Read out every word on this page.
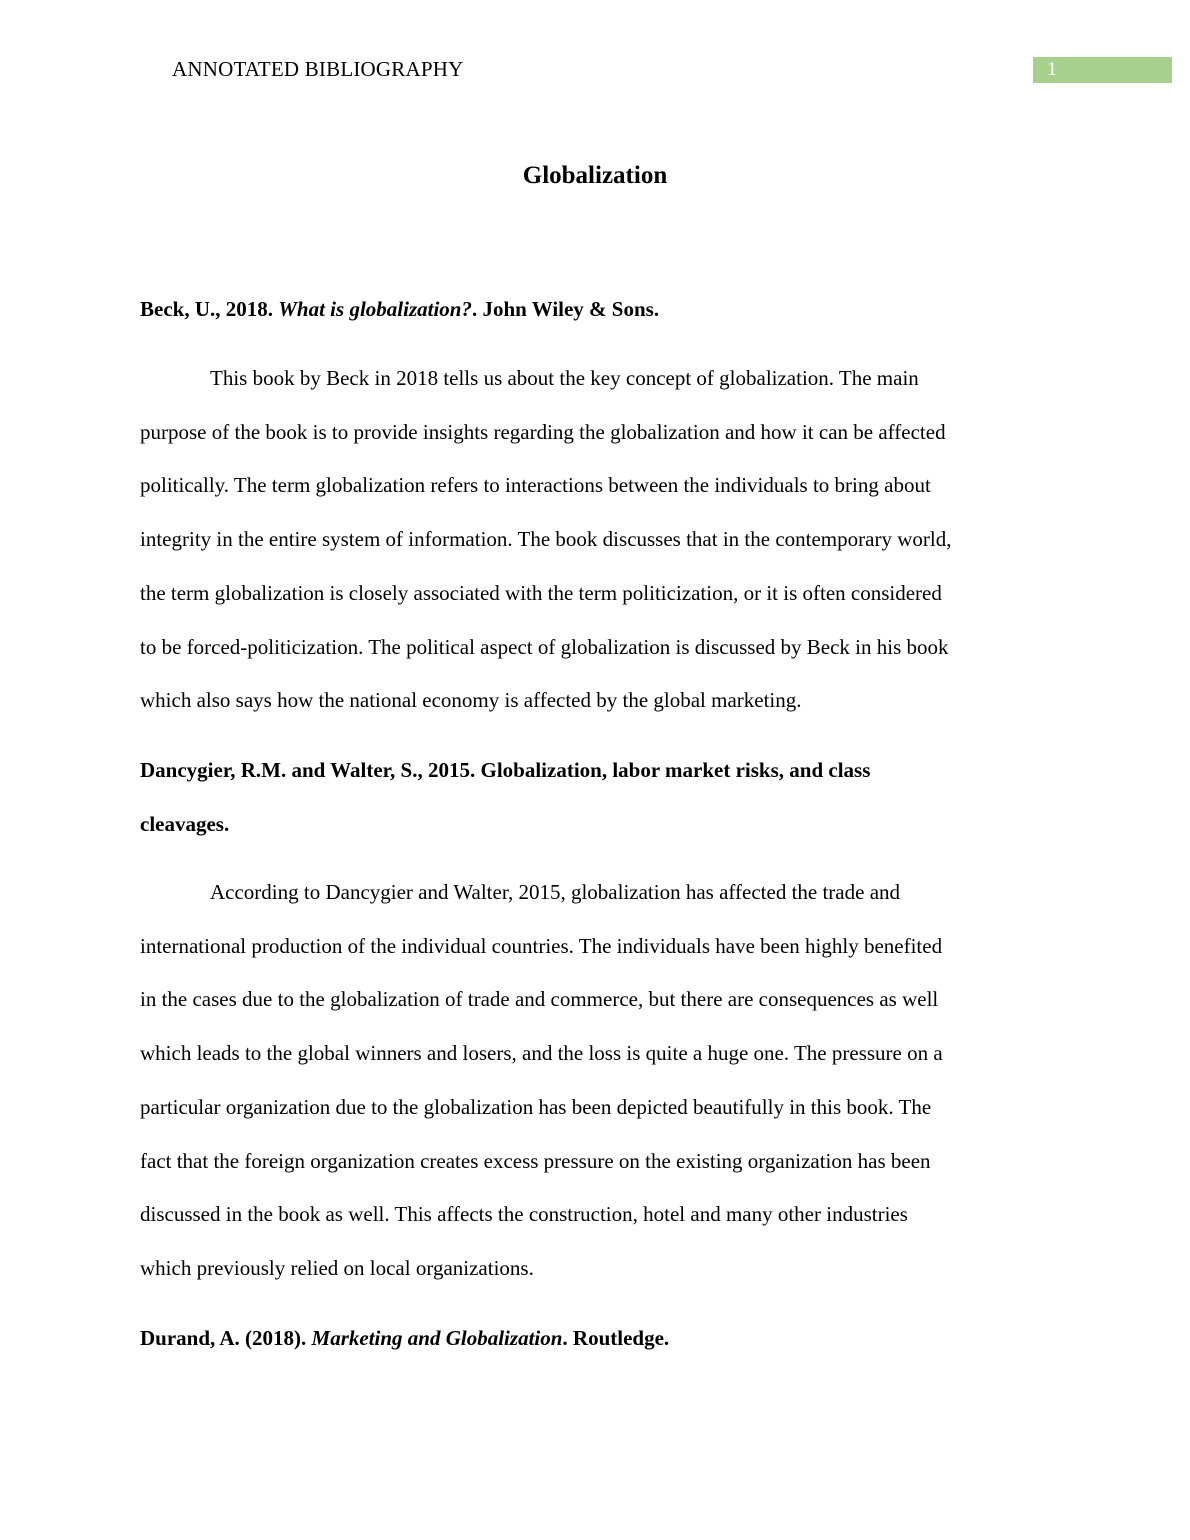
ANNOTATED BIBLIOGRAPHY	1
Globalization
Beck, U., 2018. What is globalization?. John Wiley & Sons.
This book by Beck in 2018 tells us about the key concept of globalization. The main
purpose of the book is to provide insights regarding the globalization and how it can be affected
politically. The term globalization refers to interactions between the individuals to bring about
integrity in the entire system of information. The book discusses that in the contemporary world,
the term globalization is closely associated with the term politicization, or it is often considered
to be forced-politicization. The political aspect of globalization is discussed by Beck in his book
which also says how the national economy is affected by the global marketing.
Dancygier, R.M. and Walter, S., 2015. Globalization, labor market risks, and class
cleavages.
According to Dancygier and Walter, 2015, globalization has affected the trade and
international production of the individual countries. The individuals have been highly benefited
in the cases due to the globalization of trade and commerce, but there are consequences as well
which leads to the global winners and losers, and the loss is quite a huge one. The pressure on a
particular organization due to the globalization has been depicted beautifully in this book. The
fact that the foreign organization creates excess pressure on the existing organization has been
discussed in the book as well. This affects the construction, hotel and many other industries
which previously relied on local organizations.
Durand, A. (2018). Marketing and Globalization. Routledge.
